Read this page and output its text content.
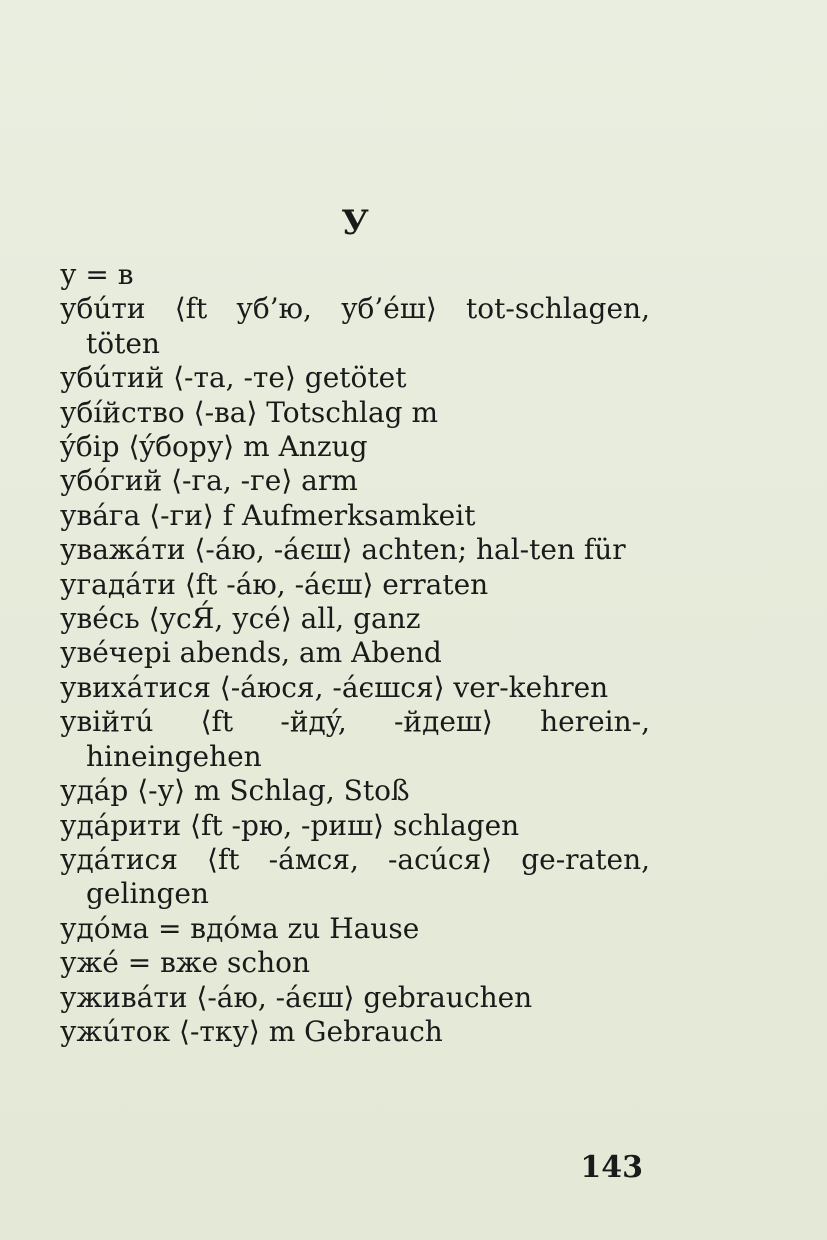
У
у = в
убúти ⟨ft уб’ю, уб’éш⟩ tot-schlagen, töten
убúтий ⟨-та, -те⟩ getötet
убíйство ⟨-ва⟩ Totschlag m
ýбір ⟨ýбору⟩ m Anzug
убóгий ⟨-га, -ге⟩ arm
увáга ⟨-ги⟩ f Aufmerksamkeit
уважáти ⟨-áю, -áєш⟩ achten; hal-ten für
угадáти ⟨ft -áю, -áєш⟩ erraten
увéсь ⟨усЯ́, усé⟩ all, ganz
увéчері abends, am Abend
увихáтися ⟨-áюся, -áєшся⟩ ver-kehren
увійтú ⟨ft -йдý, -йдеш⟩ herein-, hineingehen
удáр ⟨-у⟩ m Schlag, Stoß
удáрити ⟨ft -рю, -риш⟩ schlagen
удáтися ⟨ft -áмся, -асúся⟩ ge-raten, gelingen
удóма = вдóма zu Hause
ужé = вже schon
уживáти ⟨-áю, -áєш⟩ gebrauchen
ужúток ⟨-тку⟩ m Gebrauch
143
